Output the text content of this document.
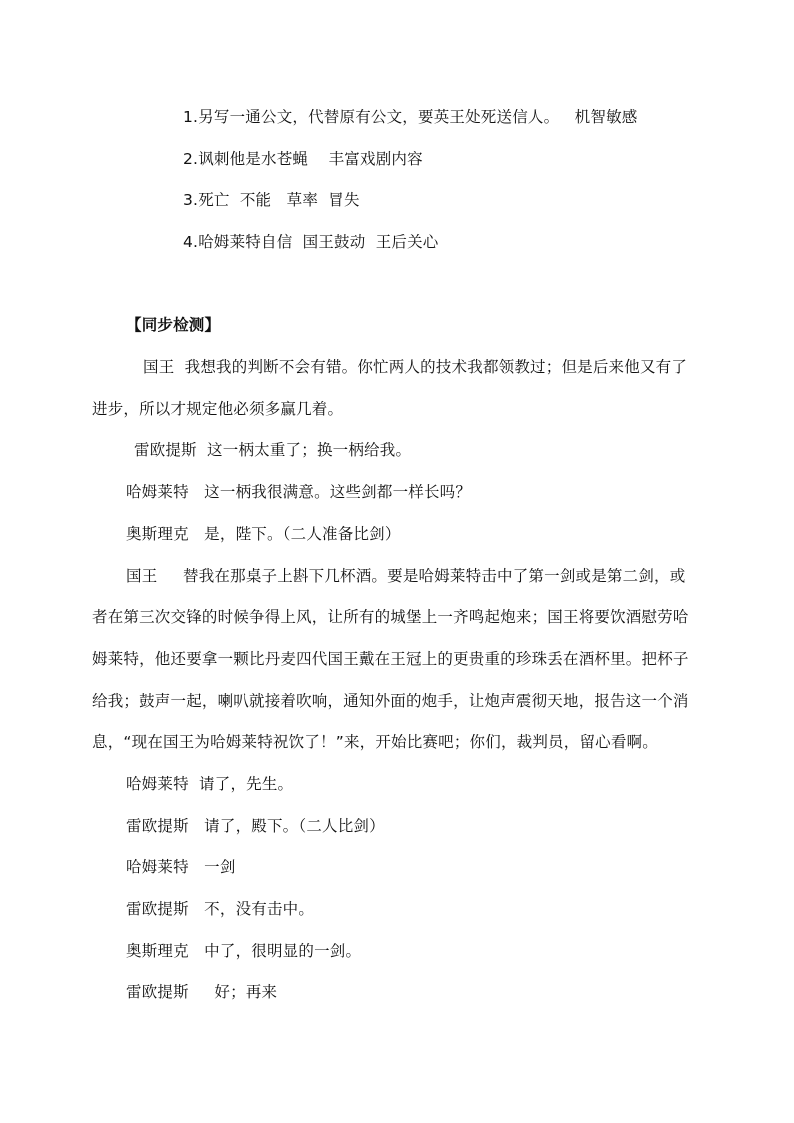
1.另写一通公文，代替原有公文，要英王处死送信人。   机智敏感
2.讽刺他是水苍蝇    丰富戏剧内容
3.死亡  不能   草率  冒失
4.哈姆莱特自信  国王鼓动  王后关心
【同步检测】
国王  我想我的判断不会有错。你忙两人的技术我都领教过；但是后来他又有了
进步，所以才规定他必须多赢几着。
雷欧提斯  这一柄太重了；换一柄给我。
哈姆莱特   这一柄我很满意。这些剑都一样长吗？
奥斯理克   是，陛下。（二人准备比剑）
国王     替我在那桌子上斟下几杯酒。要是哈姆莱特击中了第一剑或是第二剑，或
者在第三次交锋的时候争得上风，让所有的城堡上一齐鸣起炮来；国王将要饮酒慰劳哈
姆莱特，他还要拿一颗比丹麦四代国王戴在王冠上的更贵重的珍珠丢在酒杯里。把杯子
给我；鼓声一起，喇叭就接着吹响，通知外面的炮手，让炮声震彻天地，报告这一个消
息，“现在国王为哈姆莱特祝饮了！”来，开始比赛吧；你们，裁判员，留心看啊。
哈姆莱特  请了，先生。
雷欧提斯   请了，殿下。（二人比剑）
哈姆莱特   一剑
雷欧提斯   不，没有击中。
奥斯理克   中了，很明显的一剑。
雷欧提斯     好；再来
